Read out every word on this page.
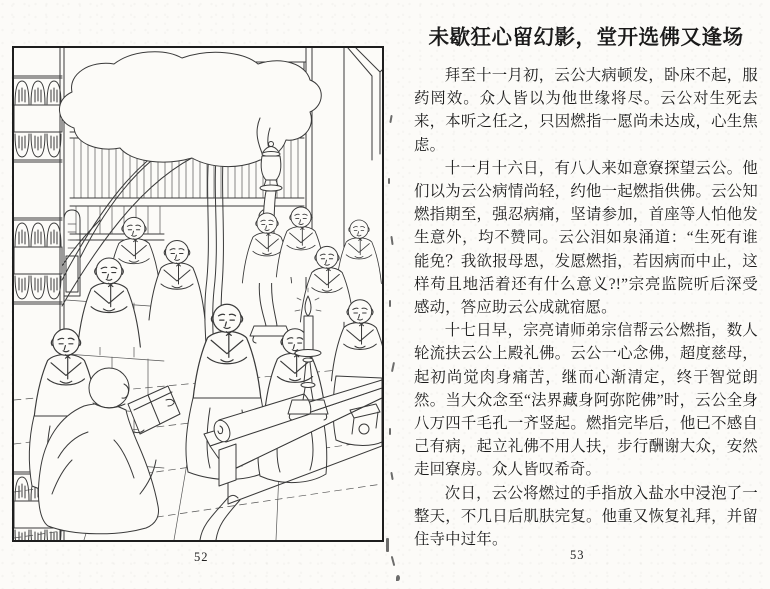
52	53
未歇狂心留幻影，堂开选佛又逢场

拜至十一月初，云公大病顿发，卧床不起，服药罔效。众人皆以为他世缘将尽。云公对生死去来，本听之任之，只因燃指一愿尚未达成，心生焦虑。

十一月十六日，有八人来如意寮探望云公。他们以为云公病情尚轻，约他一起燃指供佛。云公知燃指期至，强忍病痛，坚请参加，首座等人怕他发生意外，均不赞同。云公泪如泉涌道：“生死有谁能免？我欲报母恩，发愿燃指，若因病而中止，这样苟且地活着还有什么意义?!”宗亮监院听后深受感动，答应助云公成就宿愿。

十七日早，宗亮请师弟宗信帮云公燃指，数人轮流扶云公上殿礼佛。云公一心念佛，超度慈母，起初尚觉肉身痛苦，继而心渐清定，终于智觉朗然。当大众念至“法界藏身阿弥陀佛”时，云公全身八万四千毛孔一齐竖起。燃指完毕后，他已不感自己有病，起立礼佛不用人扶，步行酬谢大众，安然走回寮房。众人皆叹希奇。

次日，云公将燃过的手指放入盐水中浸泡了一整天，不几日后肌肤完复。他重又恢复礼拜，并留住寺中过年。
